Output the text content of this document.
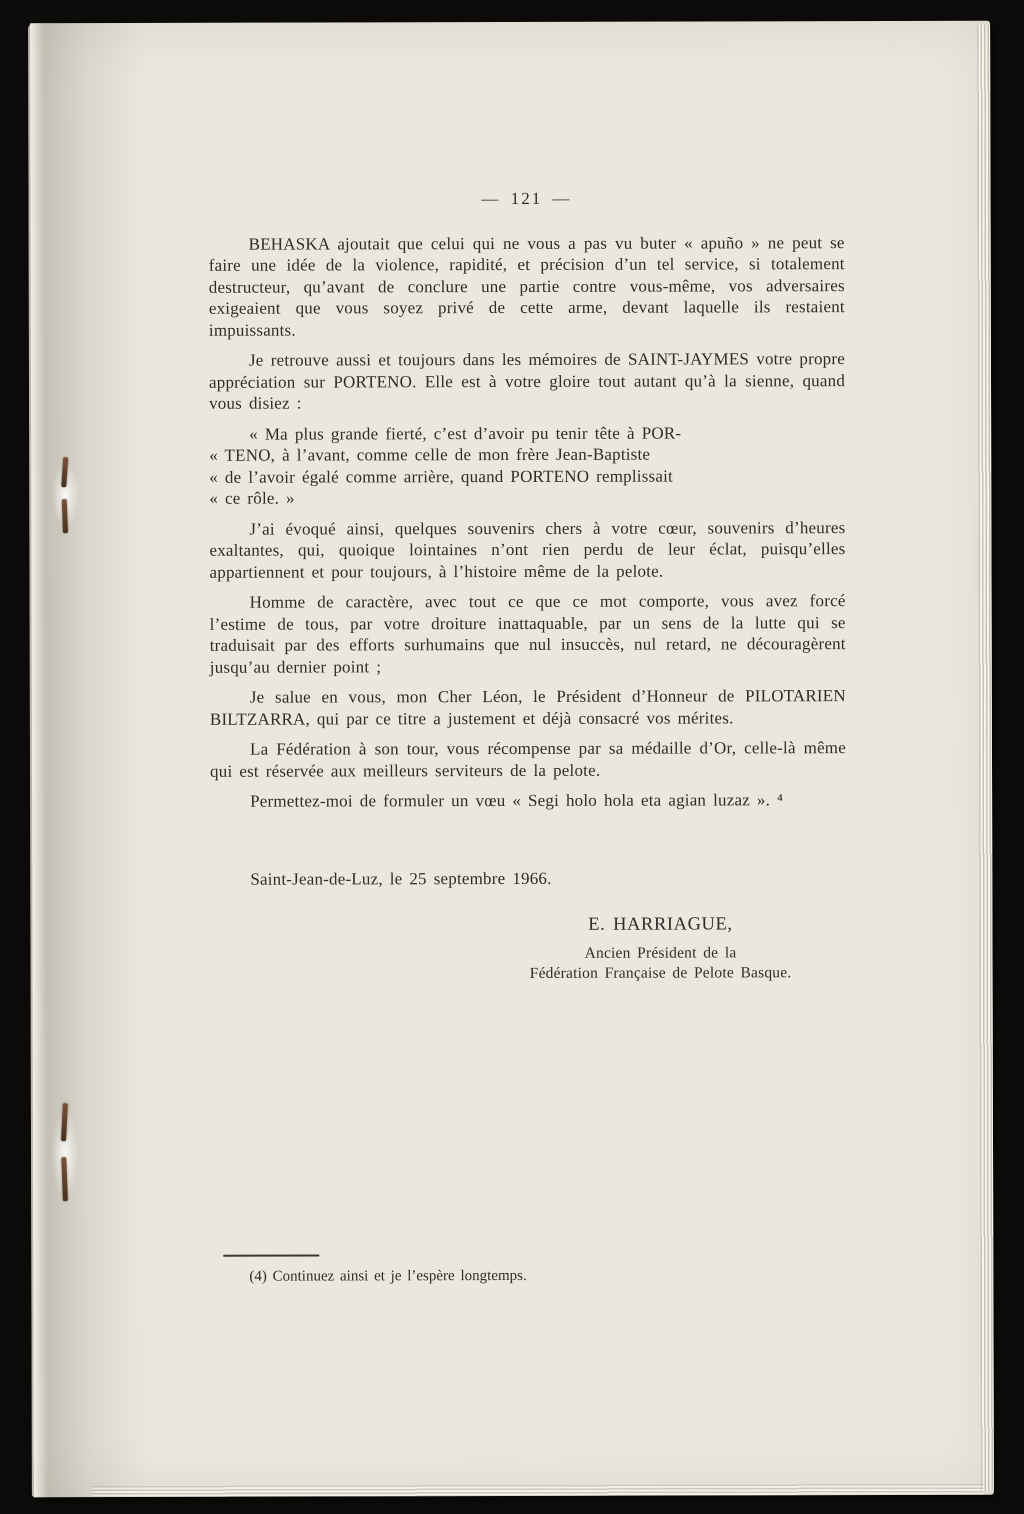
— 121 —

BEHASKA ajoutait que celui qui ne vous a pas vu buter « apuño » ne peut se faire une idée de la violence, rapidité, et précision d’un tel service, si totalement destructeur, qu’avant de conclure une partie contre vous-même, vos adversaires exigeaient que vous soyez privé de cette arme, devant laquelle ils restaient impuissants.

Je retrouve aussi et toujours dans les mémoires de SAINT-JAYMES votre propre appréciation sur PORTENO. Elle est à votre gloire tout autant qu’à la sienne, quand vous disiez :

« Ma plus grande fierté, c’est d’avoir pu tenir tête à POR-
« TENO, à l’avant, comme celle de mon frère Jean-Baptiste
« de l’avoir égalé comme arrière, quand PORTENO remplissait
« ce rôle. »

J’ai évoqué ainsi, quelques souvenirs chers à votre cœur, souvenirs d’heures exaltantes, qui, quoique lointaines n’ont rien perdu de leur éclat, puisqu’elles appartiennent et pour toujours, à l’histoire même de la pelote.

Homme de caractère, avec tout ce que ce mot comporte, vous avez forcé l’estime de tous, par votre droiture inattaquable, par un sens de la lutte qui se traduisait par des efforts surhumains que nul insuccès, nul retard, ne découragèrent jusqu’au dernier point ;

Je salue en vous, mon Cher Léon, le Président d’Honneur de PILOTARIEN BILTZARRA, qui par ce titre a justement et déjà consacré vos mérites.

La Fédération à son tour, vous récompense par sa médaille d’Or, celle-là même qui est réservée aux meilleurs serviteurs de la pelote.

Permettez-moi de formuler un vœu « Segi holo hola eta agian luzaz ». ⁴

Saint-Jean-de-Luz, le 25 septembre 1966.
E. HARRIAGUE,
Ancien Président de la
Fédération Française de Pelote Basque.
(4) Continuez ainsi et je l’espère longtemps.
